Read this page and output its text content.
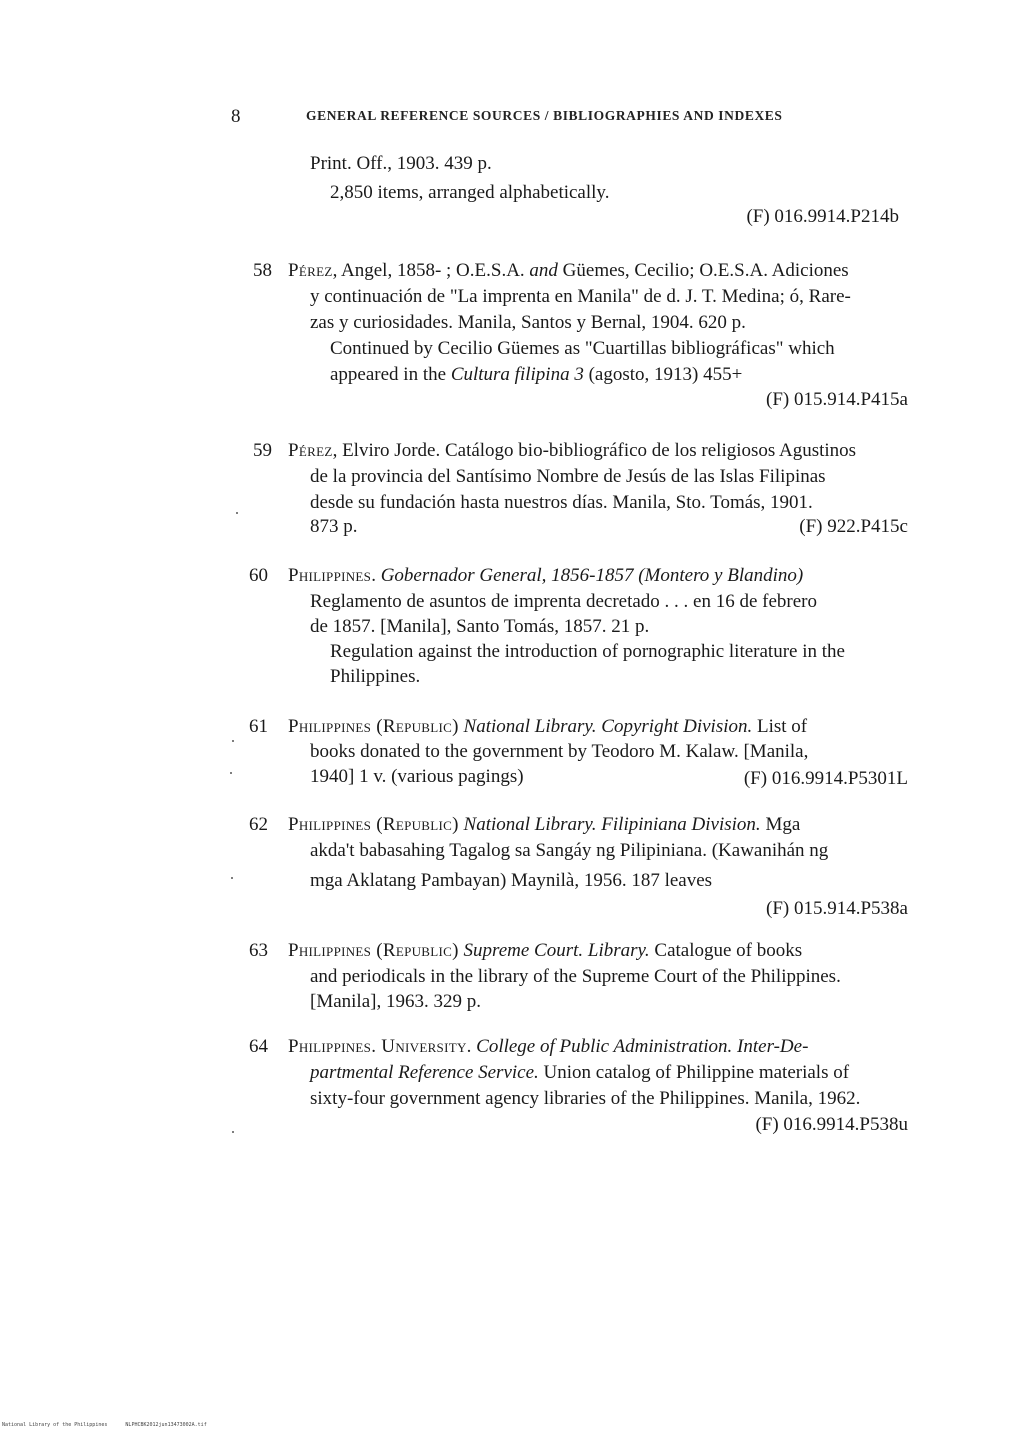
8	GENERAL REFERENCE SOURCES / BIBLIOGRAPHIES AND INDEXES
Print. Off., 1903. 439 p.
2,850 items, arranged alphabetically.
(F) 016.9914.P214b
58 Pérez, Angel, 1858- ; O.E.S.A. and Güemes, Cecilio; O.E.S.A. Adiciones
y continuación de "La imprenta en Manila" de d. J. T. Medina; ó, Rare-
zas y curiosidades. Manila, Santos y Bernal, 1904. 620 p.
Continued by Cecilio Güemes as "Cuartillas bibliográficas" which
appeared in the Cultura filipina 3 (agosto, 1913) 455+
(F) 015.914.P415a
59 Pérez, Elviro Jorde. Catálogo bio-bibliográfico de los religiosos Agustinos
de la provincia del Santísimo Nombre de Jesús de las Islas Filipinas
desde su fundación hasta nuestros días. Manila, Sto. Tomás, 1901.
873 p.	(F) 922.P415c
60 Philippines. Gobernador General, 1856-1857 (Montero y Blandino)
Reglamento de asuntos de imprenta decretado . . . en 16 de febrero
de 1857. [Manila], Santo Tomás, 1857. 21 p.
Regulation against the introduction of pornographic literature in the
Philippines.
61 Philippines (Republic) National Library. Copyright Division. List of
books donated to the government by Teodoro M. Kalaw. [Manila,
1940] 1 v. (various pagings)	(F) 016.9914.P5301L
62 Philippines (Republic) National Library. Filipiniana Division. Mga
akda't babasahing Tagalog sa Sangáy ng Pilipiniana. (Kawanihán ng
mga Aklatang Pambayan) Maynilà, 1956. 187 leaves
(F) 015.914.P538a
63 Philippines (Republic) Supreme Court. Library. Catalogue of books
and periodicals in the library of the Supreme Court of the Philippines.
[Manila], 1963. 329 p.
64 Philippines. University. College of Public Administration. Inter-De-
partmental Reference Service. Union catalog of Philippine materials of
sixty-four government agency libraries of the Philippines. Manila, 1962.
(F) 016.9914.P538u
National Library of the Philippines	NLPHCBK2012jun13473002A.tif
